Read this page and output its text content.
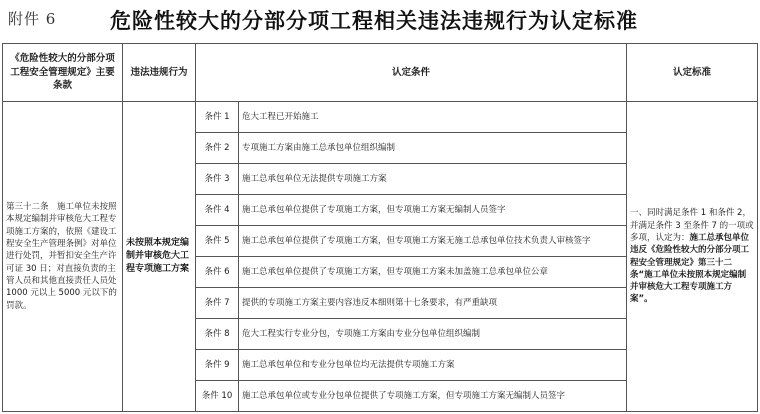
附件 6	危险性较大的分部分项工程相关违法违规行为认定标准
《危险性较大的分部分项工程安全管理规定》主要条款	违法违规行为	认定条件		认定标准
第三十二条　施工单位未按照本规定编制并审核危大工程专项施工方案的，依照《建设工程安全生产管理条例》对单位进行处罚，并暂扣安全生产许可证 30 日；对直接负责的主管人员和其他直接责任人员处 1000 元以上 5000 元以下的罚款。	未按照本规定编制并审核危大工程专项施工方案	条件 1	危大工程已开始施工	一、同时满足条件 1 和条件 2，并满足条件 3 至条件 7 的一项或多项，认定为：施工总承包单位违反《危险性较大的分部分项工程安全管理规定》第三十二条“施工单位未按照本规定编制并审核危大工程专项施工方案”。
		条件 2	专项施工方案由施工总承包单位组织编制	
		条件 3	施工总承包单位无法提供专项施工方案	
		条件 4	施工总承包单位提供了专项施工方案，但专项施工方案无编制人员签字	
		条件 5	施工总承包单位提供了专项施工方案，但专项施工方案无施工总承包单位技术负责人审核签字	
		条件 6	施工总承包单位提供了专项施工方案，但专项施工方案未加盖施工总承包单位公章	
		条件 7	提供的专项施工方案主要内容违反本细则第十七条要求，有严重缺项	
		条件 8	危大工程实行专业分包，专项施工方案由专业分包单位组织编制	
		条件 9	施工总承包单位和专业分包单位均无法提供专项施工方案	
		条件 10	施工总承包单位或专业分包单位提供了专项施工方案，但专项施工方案无编制人员签字	
